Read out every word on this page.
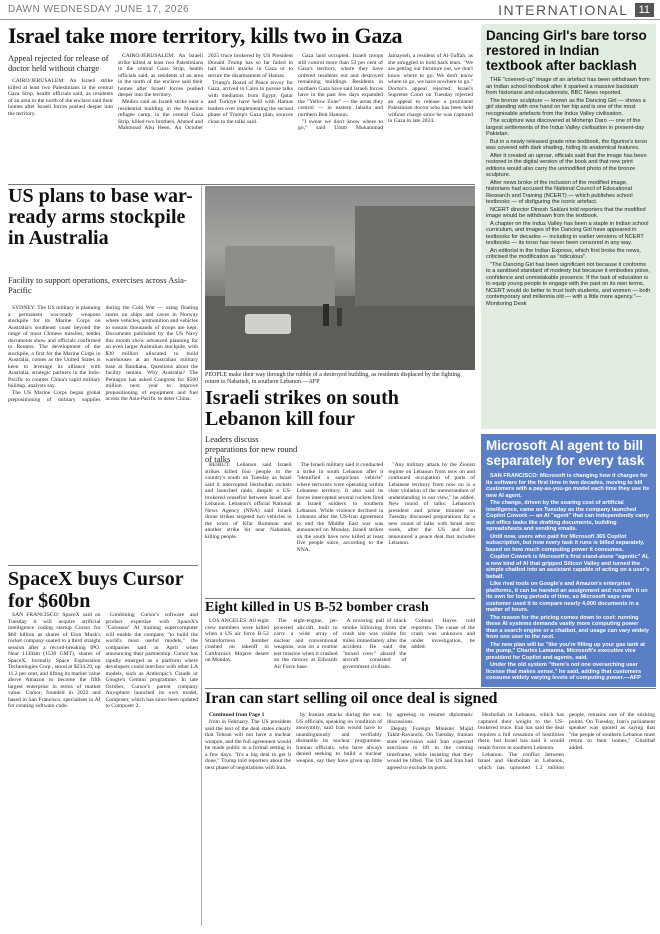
DAWN WEDNESDAY JUNE 17, 2026	INTERNATIONAL 11
Israel take more territory, kills two in Gaza
Appeal rejected for release of doctor held without charge

CAIRO/JERUSALEM: An Israeli strike killed at least two Palestinians in the central Gaza Strip, health officials said, as residents of an area in the north of the enclave said their homes after Israeli forces pushed deeper into the territory.

Medics said an Israeli strike near a residential building in the Nuseirat refugee camp, in the central Gaza Strip, killed two brothers, Ahmed and Mahmoud Abu Heen. An October 2025 truce brokered by US President Donald Trump has so far failed to halt Israeli attacks in Gaza or to secure the disarmament of Hamas.

Trump's Board of Peace envoy for Gaza, arrived in Cairo to pursue talks with mediators from Egypt, Qatar and Turkiye have held with Hamas leaders over implementing the second phase of Trump's Gaza plan, sources close to the talks said.

Gaza land occupied. Israeli troops still control more than 53 per cent of Gaza's territory, where they have ordered residents out and destroyed remaining buildings. Residents in northern Gaza have said Israeli forces have in the past few days expanded the "Yellow Zone" — the areas they control — in eastern Jabalia and northern Beit Hanoun.

"I swear we don't know where to go," said Umm Mohammad Jamayseh, a resident of Al-Tuffah, as she struggled to hold back tears. "We are getting our furniture out, we don't know where to go. We don't know where to go, we have nowhere to go." Doctor's appeal rejected: Israel's Supreme Court on Tuesday rejected an appeal to release a prominent Palestinian doctor who has been held without charge since he was captured in Gaza in late 2024.

CAIRO/JERUSALEM: An Israeli strike killed at least two Palestinians in the central Gaza Strip, health officials said, as residents of an area in the north of the enclave said their homes after Israeli forces pushed deeper into the territory.

US plans to base war-ready arms stockpile in Australia
Facility to support operations, exercises across Asia-Pacific

SYDNEY: The US military is planning a permanent war-ready weapons stockpile for its Marine Corps on Australia's southeast coast beyond the range of most Chinese missiles, tender documents show and officials confirmed to Reuters. The development of the stockpile, a first for the Marine Corps in Australia, comes as the United States is keen to leverage its alliance with Australia, strategic partners in the Indo-Pacific to counter China's rapid military buildup, analysts say.

The US Marine Corps began global prepositioning of military supplies during the Cold War — using floating stores on ships and caves in Norway where vehicles, ammunition and vehicles to sustain thousands of troops are kept. Documents published by the US Navy this month show advanced planning for an even larger Australian stockpile, with $30 million allocated to build warehouses at an Australian military base at Bandiana. Questions about the facility remain. Why Australia? The Pentagon has asked Congress for $500 million next year to improve prepositioning of equipment and fuel across the Asia-Pacific to deter China.

PEOPLE make their way through the rubble of a destroyed building, as residents displaced by the fighting return to Nabatieh, in southern Lebanon.—AFP
Israeli strikes on south Lebanon kill four
Leaders discuss preparations for new round of talks

BEIRUT: Lebanon said Israeli strikes killed four people in the country's south on Tuesday as Israel said it intercepted Hezbollah rockets and launched raids, despite a US-brokered ceasefire between Israel and Lebanon. Lebanon's official National News Agency (NNA) said Israeli drone strikes targeted two vehicles in the town of Kfar Rumman and another strike hit near Nabatieh, killing people.

The Israeli military said it conducted a strike in south Lebanon after it "identified a suspicious vehicle" where terrorists were operating within Lebanese territory. It also said its forces intercepted several rockets fired at Israeli soldiers in southern Lebanon. While violence declined in Lebanon after the US-Iran agreement to end the Middle East war was announced on Monday, Israeli strikes on the south have now killed at least five people since, according to the NNA.

"Any military attack by the Zionist regime on Lebanon from now on and continued occupation of parts of Lebanese territory from now on is a clear violation of the memorandum of understanding in our view," he added. New round of talks: Lebanon's president and prime minister on Tuesday discussed preparations for a new round of talks with Israel next week, after the US and Iran announced a peace deal that includes Lebanon.

SpaceX buys Cursor for $60bn

SAN FRANCISCO: SpaceX said on Tuesday it will acquire artificial intelligence coding startup Cursor for $60 billion as shares of Elon Musk's rocket company soared to a third straight session after a record-breaking IPO. Near 1130am (1530 GMT), shares of SpaceX, formally Space Exploration Technologies Corp., stood at $234.29, up 11.2 per cent, and lifting its market value above Amazon to become the fifth largest enterprise in terms of market value. Cursor, founded in 2022 and based in San Francisco, specialises in AI for creating software code.

Combining Cursor's software and product expertise with SpaceX's "Colossus" AI training supercomputer will enable the company "to build the world's most useful models," the companies said in April when announcing their partnership. Cursor has rapidly emerged as a platform where developers could interface with other LA models, such as Anthropic's Claude or Google's Gemini programme. In late October, Cursor's parent company Anysphere launched its own model, Composer, which has since been updated to Composer 2.

Eight killed in US B-52 bomber crash

LOS ANGELES: All eight crew members were killed when a US air force B-52 Stratofortress bomber crashed on takeoff in California's Mojave desert on Monday.

The eight-engine, jet-powered aircraft, built to carry a wide array of nuclear and conventional weapons, was on a routine test mission when it crashed on the runway at Edwards Air Force base.

A towering pall of black smoke billowing from the crash site was visible for miles immediately after the accident. He said the "mixed crew" aboard the aircraft consisted of government civilians.

Colonel Hayes told reporters. The cause of the crash was unknown and under investigation, he added.

Iran can start selling oil once deal is signed

Continued from Page 1

from in February. The US president said the text of the deal states clearly that Tehran will not have a nuclear weapon, and the full agreement would be made public in a formal setting in a few days. "It's a big deal to get it done," Trump told reporters about the next phase of negotiations with Iran.

by Iranian attacks during the war. US officials, speaking on condition of anonymity, said Iran would have to unambiguously and verifiably dismantle its nuclear programme. Iranian officials, who have always denied seeking to build a nuclear weapon, say they have given up little by agreeing to resume diplomatic discussions.

Deputy Foreign Minister Majid Takht-Ravanchi. On Tuesday, Iranian state television said Iran expected sanctions to lift in the coming timeframe, while insisting that they would be lifted. The US and Iran had agreed to exclude its ports.

Hezbollah in Lebanon, which has captured their weight to the US-brokered truce. Iran has said the deal requires a full cessation of hostilities there, but Israel has said it would retain forces in southern Lebanon.

Lebanon. The conflict between Israel and Hezbollah in Lebanon, which has uprooted 1.2 million people, remains one of the sticking points. On Tuesday, Iran's parliament speaker was quoted as saying that "the people of southern Lebanon must return to their homes," Ghalibaf added.

Dancing Girl's bare torso restored in Indian textbook after backlash

THE "covered-up" image of an artefact has been withdrawn from an Indian school textbook after it sparked a massive backlash from historians and educationists, BBC News reported.

The bronze sculpture — known as the Dancing Girl — shows a girl standing with one hand on her hip and is one of the most recognisable artefacts from the Indus Valley civilisation.

The sculpture was discovered at Mohenjo Daro — one of the largest settlements of the Indus Valley civilisation in present-day Pakistan.

But in a newly released grade nine textbook, the figurine's torso was covered with dark shading, hiding its anatomical features.

After it created an uproar, officials said that the image has been restored in the digital version of the book and that new print editions would also carry the unmodified photo of the bronze sculpture.

After news broke of the inclusion of the modified image, historians had accused the National Council of Educational Research and Training (NCERT) — which publishes school textbooks — of disfiguring the iconic artefact.

NCERT director Dinesh Saklani told reporters that the modified image would be withdrawn from the textbook.

A chapter on the Indus Valley has been a staple in Indian school curriculum, and images of the Dancing Girl have appeared in textbooks for decades — including in earlier versions of NCERT textbooks — its torso has never been censored in any way.

An editorial in the Indian Express, which first broke the news, criticised the modification as "ridiculous".

"The Dancing Girl has been significant not because it conforms to a sanitised standard of modesty but because it embodies poise, confidence and unmistakable presence. If the task of education is to equip young people to engage with the past on its own terms, NCERT would do better to trust both students, and women — both contemporary and millennia old — with a little more agency."—Monitoring Desk

Microsoft AI agent to bill separately for every task

SAN FRANCISCO: Microsoft is changing how it charges for its software for the first time in two decades, moving to bill customers with a pay-as-you-go model each time they use its new AI agent.

The change, driven by the soaring cost of artificial intelligence, came on Tuesday as the company launched Copilot Cowork — an AI "agent" that can independently carry out office tasks like drafting documents, building spreadsheets and sending emails.

Until now, users who paid for Microsoft 365 Copilot subscription, but now every task it runs is billed separately, based on how much computing power it consumes.

Copilot Cowork is Microsoft's first stand-alone "agentic" AI, a new kind of AI that gripped Silicon Valley and turned the simple chatbot into an assistant capable of acting on a user's behalf.

Like rival tools on Google's and Amazon's enterprise platforms, it can be handed an assignment and run with it on its own for long periods of time, so Microsoft says one customer used it to compare nearly 4,000 documents in a matter of hours.

The reason for the pricing comes down to cost: running these AI systems demands vastly more computing power than a search engine or a chatbot, and usage can vary widely from one user to the next.

The new plan will be "like you're filling up your gas tank at the pump," Charles Lamanna, Microsoft's executive vice president for Copilot and agents, said.

Under the old system "there's not one overarching user license that makes sense," he said, adding that customers consume widely varying levels of computing power.—AFP
